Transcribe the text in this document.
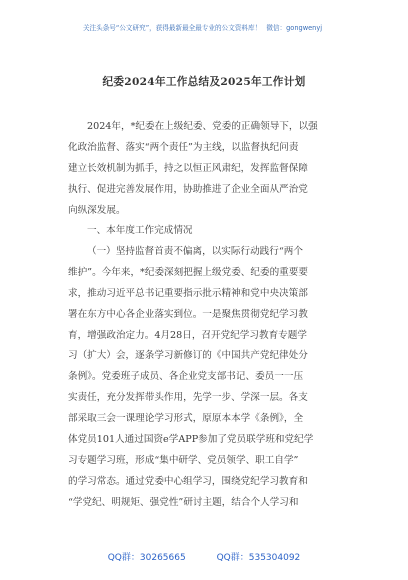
关注头条号“公文研究”，获得最新最全最专业的公文资料库！ 微信：gongwenyj
纪委2024年工作总结及2025年工作计划
2024年，*纪委在上级纪委、党委的正确领导下，以强
化政治监督、落实“两个责任”为主线，以监督执纪问责
建立长效机制为抓手，持之以恒正风肃纪，发挥监督保障
执行、促进完善发展作用，协助推进了企业全面从严治党
向纵深发展。
一、本年度工作完成情况
（一）坚持监督首责不偏离，以实际行动践行“两个
维护”。今年来，*纪委深刻把握上级党委、纪委的重要要
求，推动习近平总书记重要指示批示精神和党中央决策部
署在东方中心各企业落实到位。一是聚焦贯彻党纪学习教
育，增强政治定力。4月28日，召开党纪学习教育专题学
习（扩大）会，逐条学习新修订的《中国共产党纪律处分
条例》。党委班子成员、各企业党支部书记、委员一一压
实责任，充分发挥带头作用，先学一步、学深一层。各支
部采取三会一课理论学习形式，原原本本学《条例》，全
体党员101人通过国资e学APP参加了党员联学班和党纪学
习专题学习班，形成“集中研学、党员领学、职工自学”
的学习常态。通过党委中心组学习，围绕党纪学习教育和
“学党纪、明规矩、强党性”研讨主题，结合个人学习和
QQ群：30265665	QQ群：535304092
